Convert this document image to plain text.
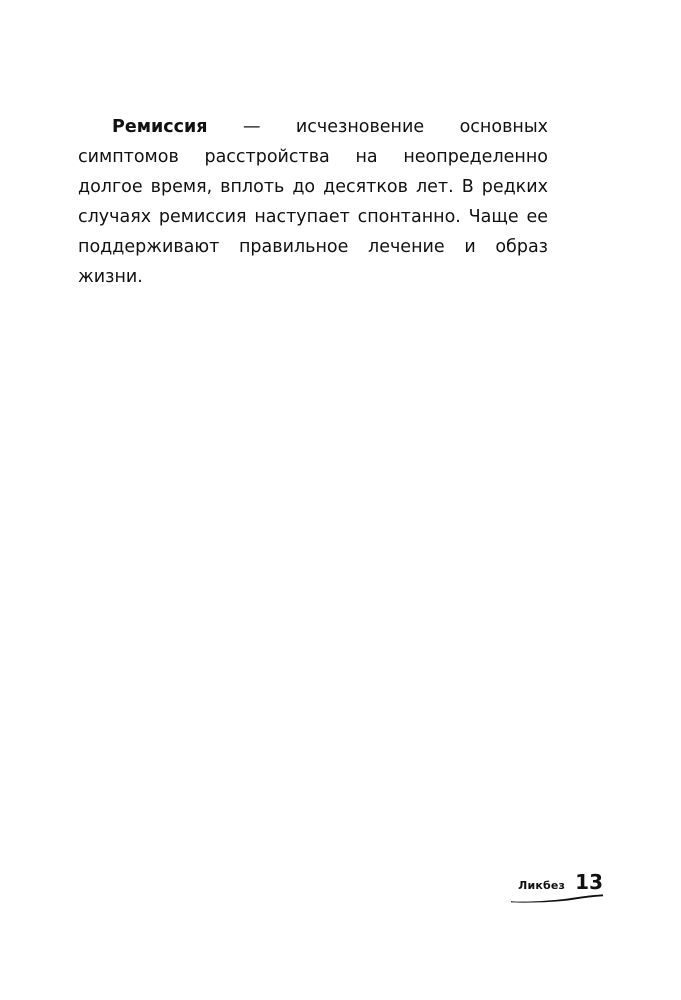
Ремиссия — исчезновение основных симптомов расстройства на неопределенно долгое время, вплоть до десятков лет. В редких случаях ремиссия наступает спонтанно. Чаще ее поддерживают правильное лечение и образ жизни.

Ликбез 13
